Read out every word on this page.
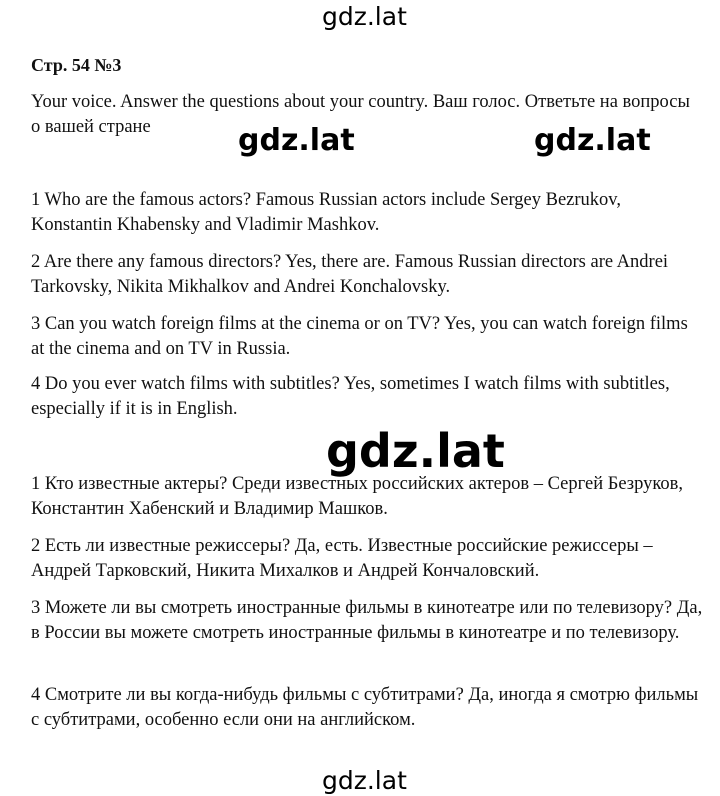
gdz.lat
Стр. 54 №3

Your voice. Answer the questions about your country. Ваш голос. Ответьте на вопросы о вашей стране	gdz.lat	gdz.lat

1 Who are the famous actors? Famous Russian actors include Sergey Bezrukov, Konstantin Khabensky and Vladimir Mashkov.

2 Are there any famous directors? Yes, there are. Famous Russian directors are Andrei Tarkovsky, Nikita Mikhalkov and Andrei Konchalovsky.

3 Can you watch foreign films at the cinema or on TV? Yes, you can watch foreign films at the cinema and on TV in Russia.

4 Do you ever watch films with subtitles? Yes, sometimes I watch films with subtitles, especially if it is in English.

gdz.lat

1 Кто известные актеры? Среди известных российских актеров – Сергей Безруков, Константин Хабенский и Владимир Машков.

2 Есть ли известные режиссеры? Да, есть. Известные российские режиссеры – Андрей Тарковский, Никита Михалков и Андрей Кончаловский.

3 Можете ли вы смотреть иностранные фильмы в кинотеатре или по телевизору? Да, в России вы можете смотреть иностранные фильмы в кинотеатре и по телевизору.

4 Смотрите ли вы когда-нибудь фильмы с субтитрами? Да, иногда я смотрю фильмы с субтитрами, особенно если они на английском.

gdz.lat
